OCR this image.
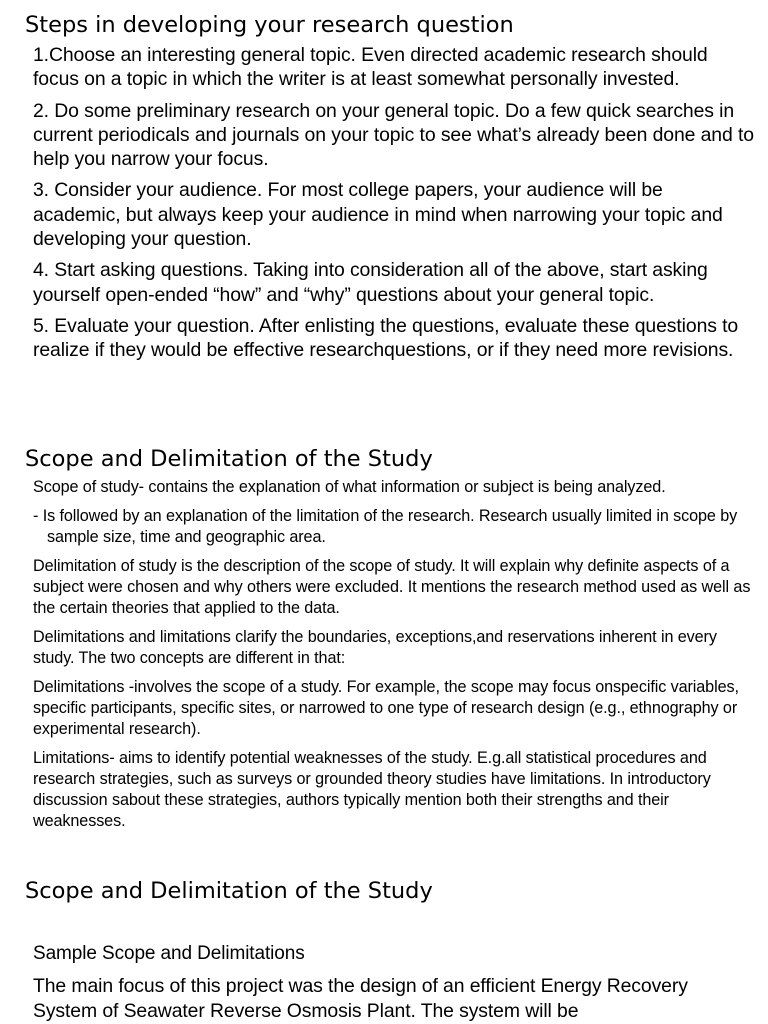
Steps in developing your research question

1.Choose an interesting general topic. Even directed academic research should focus on a topic in which the writer is at least somewhat personally invested.

2. Do some preliminary research on your general topic. Do a few quick searches in current periodicals and journals on your topic to see what’s already been done and to help you narrow your focus.

3. Consider your audience. For most college papers, your audience will be academic, but always keep your audience in mind when narrowing your topic and developing your question.

4. Start asking questions. Taking into consideration all of the above, start asking yourself open-ended “how” and “why” questions about your general topic.

5. Evaluate your question. After enlisting the questions, evaluate these questions to realize if they would be effective researchquestions, or if they need more revisions.

Scope and Delimitation of the Study

Scope of study- contains the explanation of what information or subject is being analyzed.

- Is followed by an explanation of the limitation of the research. Research usually limited in scope by sample size, time and geographic area.

Delimitation of study is the description of the scope of study. It will explain why definite aspects of a subject were chosen and why others were excluded. It mentions the research method used as well as the certain theories that applied to the data.

Delimitations and limitations clarify the boundaries, exceptions,and reservations inherent in every study. The two concepts are different in that:

Delimitations -involves the scope of a study. For example, the scope may focus onspecific variables, specific participants, specific sites, or narrowed to one type of research design (e.g., ethnography or experimental research).

Limitations- aims to identify potential weaknesses of the study. E.g.all statistical procedures and research strategies, such as surveys or grounded theory studies have limitations. In introductory discussion sabout these strategies, authors typically mention both their strengths and their weaknesses.

Scope and Delimitation of the Study

Sample Scope and Delimitations

The main focus of this project was the design of an efficient Energy Recovery System of Seawater Reverse Osmosis Plant. The system will be
